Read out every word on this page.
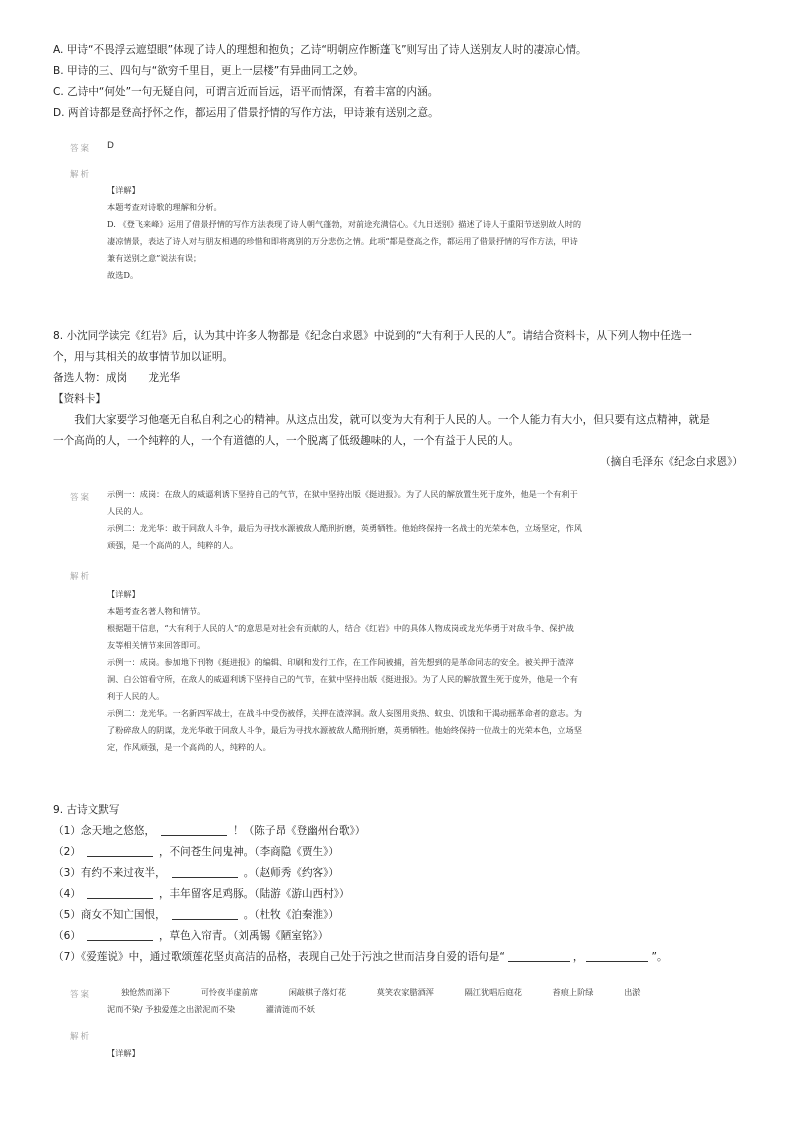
A. 甲诗“不畏浮云遮望眼”体现了诗人的理想和抱负；乙诗“明朝应作断蓬飞”则写出了诗人送别友人时的凄凉心情。

B. 甲诗的三、四句与“欲穷千里目，更上一层楼”有异曲同工之妙。

C. 乙诗中“何处”一句无疑自问，可谓言近而旨远，语平而情深，有着丰富的内涵。

D. 两首诗都是登高抒怀之作，都运用了借景抒情的写作方法，甲诗兼有送别之意。

答案 D
解析

【详解】

本题考查对诗歌的理解和分析。

D. 《登飞来峰》运用了借景抒情的写作方法表现了诗人朝气蓬勃，对前途充满信心。《九日送别》描述了诗人于重阳节送别故人时的

凄凉情景，表达了诗人对与朋友相遇的珍惜和即将离别的万分悲伤之情。此项“都是登高之作，都运用了借景抒情的写作方法，甲诗

兼有送别之意”说法有误；

故选D。

8. 小沈同学读完《红岩》后，认为其中许多人物都是《纪念白求恩》中说到的“大有利于人民的人”。请结合资料卡，从下列人物中任选一

个，用与其相关的故事情节加以证明。

备选人物：成岗　　龙光华

【资料卡】

我们大家要学习他毫无自私自利之心的精神。从这点出发，就可以变为大有利于人民的人。一个人能力有大小，但只要有这点精神，就是

一个高尚的人，一个纯粹的人，一个有道德的人，一个脱离了低级趣味的人，一个有益于人民的人。

（摘自毛泽东《纪念白求恩》）

答案 示例一：成岗：在敌人的威逼利诱下坚持自己的气节，在狱中坚持出版《挺进报》。为了人民的解放置生死于度外，他是一个有利于

人民的人。

示例二：龙光华：敢于同敌人斗争，最后为寻找水源被敌人酷刑折磨，英勇牺牲。他始终保持一名战士的光荣本色，立场坚定，作风

顽强，是一个高尚的人，纯粹的人。

解析

【详解】

本题考查名著人物和情节。

根据题干信息，“大有利于人民的人”的意思是对社会有贡献的人，结合《红岩》中的具体人物成岗或龙光华勇于对敌斗争、保护战

友等相关情节来回答即可。

示例一：成岗。参加地下刊物《挺进报》的编辑、印刷和发行工作，在工作间被捕，首先想到的是革命同志的安全。被关押于渣滓

洞、白公馆看守所，在敌人的威逼利诱下坚持自己的气节，在狱中坚持出版《挺进报》。为了人民的解放置生死于度外，他是一个有

利于人民的人。

示例二：龙光华。一名新四军战士，在战斗中受伤被俘，关押在渣滓洞。敌人妄图用炎热、蚊虫、饥饿和干渴动摇革命者的意志。为

了粉碎敌人的阴谋，龙光华敢于同敌人斗争，最后为寻找水源被敌人酷刑折磨，英勇牺牲。他始终保持一位战士的光荣本色，立场坚

定，作风顽强，是一个高尚的人，纯粹的人。

9. 古诗文默写

（1）念天地之悠悠，	！（陈子昂《登幽州台歌》）

（2）	，不问苍生问鬼神。（李商隐《贾生》）

（3）有约不来过夜半，	。（赵师秀《约客》）

（4）	，丰年留客足鸡豚。（陆游《游山西村》）

（5）商女不知亡国恨，	。（杜牧《泊秦淮》）

（6）	，草色入帘青。（刘禹锡《陋室铭》）

（7）《爱莲说》中，通过歌颂莲花坚贞高洁的品格，表现自己处于污浊之世而洁身自爱的语句是“	，	”。

答案	独怆然而涕下	可怜夜半虚前席	闲敲棋子落灯花	莫笑农家腊酒浑	隔江犹唱后庭花	苔痕上阶绿	出淤

泥而不染/ 予独爱莲之出淤泥而不染	濯清涟而不妖

解析

【详解】
